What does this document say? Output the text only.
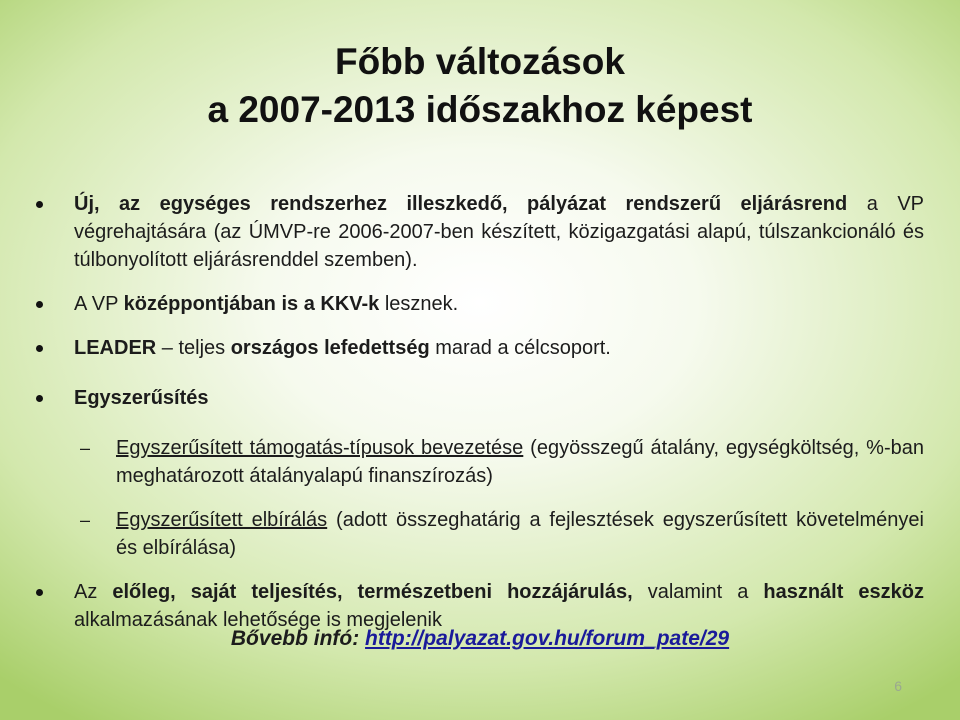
Főbb változások
a 2007-2013 időszakhoz képest
Új, az egységes rendszerhez illeszkedő, pályázat rendszerű eljárásrend a VP végrehajtására (az ÚMVP-re 2006-2007-ben készített, közigazgatási alapú, túlszankcionáló és túlbonyolított eljárásrenddel szemben).
A VP középpontjában is a KKV-k lesznek.
LEADER – teljes országos lefedettség marad a célcsoport.
Egyszerűsítés
– Egyszerűsített támogatás-típusok bevezetése (egyösszegű átalány, egységköltség, %-ban meghatározott átalányalapú finanszírozás)
– Egyszerűsített elbírálás (adott összeghatárig a fejlesztések egyszerűsített követelményei és elbírálása)
Az előleg, saját teljesítés, természetbeni hozzájárulás, valamint a használt eszköz alkalmazásának lehetősége is megjelenik
Bővebb infó: http://palyazat.gov.hu/forum_pate/29
6
